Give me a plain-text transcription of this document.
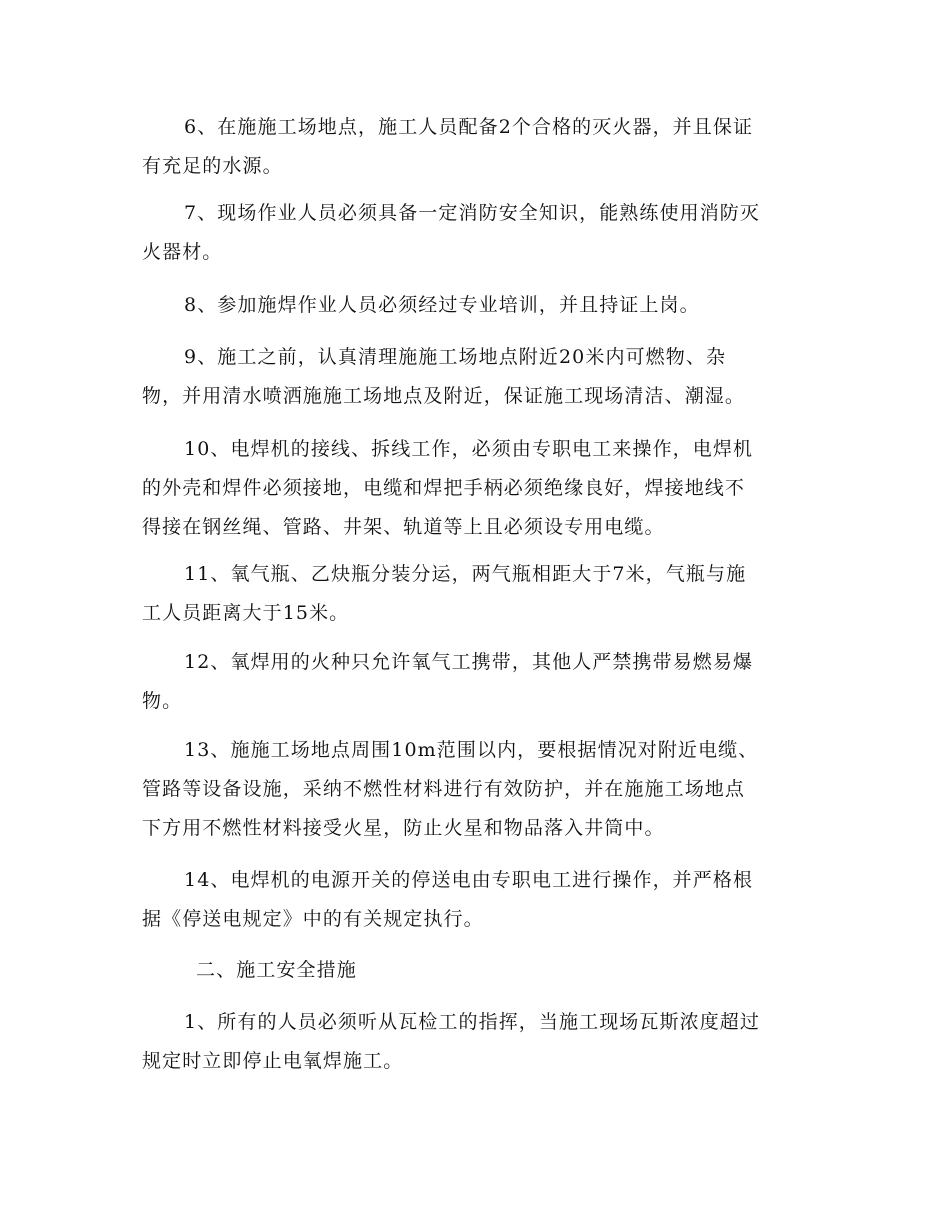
6、在施施工场地点，施工人员配备2个合格的灭火器，并且保证
有充足的水源。

7、现场作业人员必须具备一定消防安全知识，能熟练使用消防灭
火器材。

8、参加施焊作业人员必须经过专业培训，并且持证上岗。

9、施工之前，认真清理施施工场地点附近20米内可燃物、杂
物，并用清水喷洒施施工场地点及附近，保证施工现场清洁、潮湿。

10、电焊机的接线、拆线工作，必须由专职电工来操作，电焊机
的外壳和焊件必须接地，电缆和焊把手柄必须绝缘良好，焊接地线不
得接在钢丝绳、管路、井架、轨道等上且必须设专用电缆。

11、氧气瓶、乙炔瓶分装分运，两气瓶相距大于7米，气瓶与施
工人员距离大于15米。

12、氧焊用的火种只允许氧气工携带，其他人严禁携带易燃易爆
物。

13、施施工场地点周围10m范围以内，要根据情况对附近电缆、
管路等设备设施，采纳不燃性材料进行有效防护，并在施施工场地点
下方用不燃性材料接受火星，防止火星和物品落入井筒中。

14、电焊机的电源开关的停送电由专职电工进行操作，并严格根
据《停送电规定》中的有关规定执行。

二、施工安全措施

1、所有的人员必须听从瓦检工的指挥，当施工现场瓦斯浓度超过
规定时立即停止电氧焊施工。
